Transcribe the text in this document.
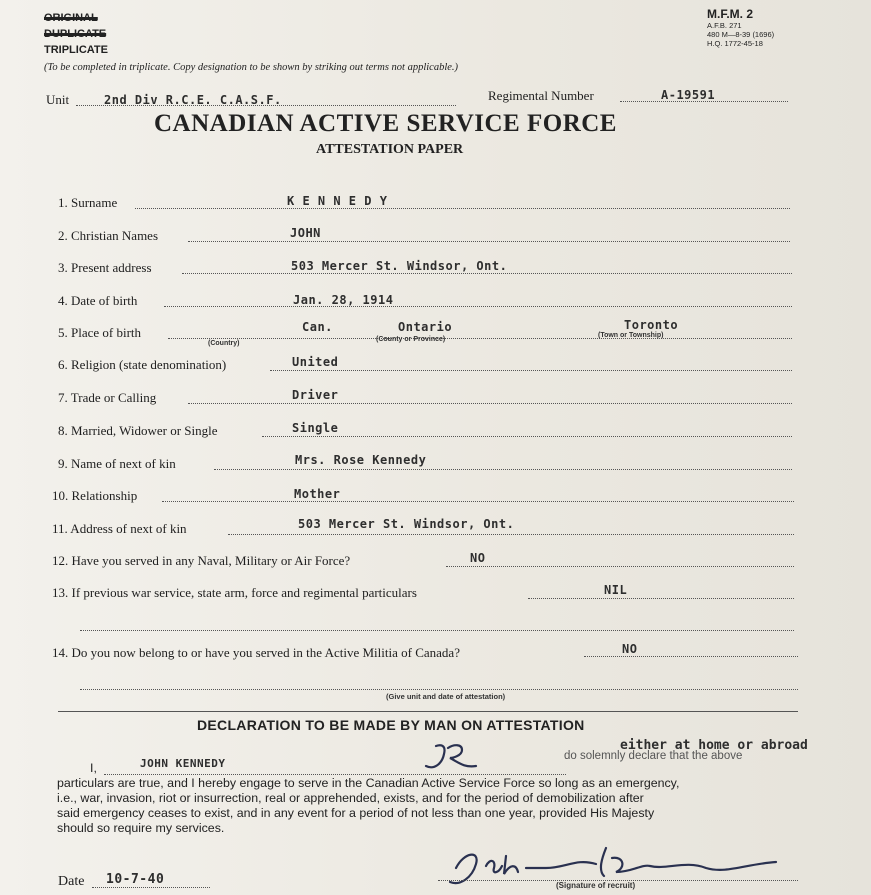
ORIGINAL
DUPLICATE
TRIPLICATE
M.F.M. 2
A.F.B. 271
480 M—8-39 (1696)
H.Q. 1772-45-18
(To be completed in triplicate. Copy designation to be shown by striking out terms not applicable.)
Unit	2nd Div R.C.E. C.A.S.F.	Regimental Number	A-19591
CANADIAN ACTIVE SERVICE FORCE
ATTESTATION PAPER
1. Surname	K E N N E D Y
2. Christian Names	JOHN
3. Present address	503 Mercer St. Windsor, Ont.
4. Date of birth	Jan. 28, 1914
5. Place of birth	Can.	Ontario	Toronto
(Country)
(County or Province)
(Town or Township)
6. Religion (state denomination)	United
7. Trade or Calling	Driver
8. Married, Widower or Single	Single
9. Name of next of kin	Mrs. Rose Kennedy
10. Relationship	Mother
11. Address of next of kin	503 Mercer St. Windsor, Ont.
12. Have you served in any Naval, Military or Air Force?	NO
13. If previous war service, state arm, force and regimental particulars	NIL
14. Do you now belong to or have you served in the Active Militia of Canada?	NO
(Give unit and date of attestation)
DECLARATION TO BE MADE BY MAN ON ATTESTATION
I,	JOHN KENNEDY
do solemnly declare that the above
either at home or abroad
particulars are true, and I hereby engage to serve in the Canadian Active Service Force so long as an emergency,
i.e., war, invasion, riot or insurrection, real or apprehended, exists, and for the period of demobilization after
said emergency ceases to exist, and in any event for a period of not less than one year, provided His Majesty
should so require my services.
Date 10-7-40	(Signature of recruit)
